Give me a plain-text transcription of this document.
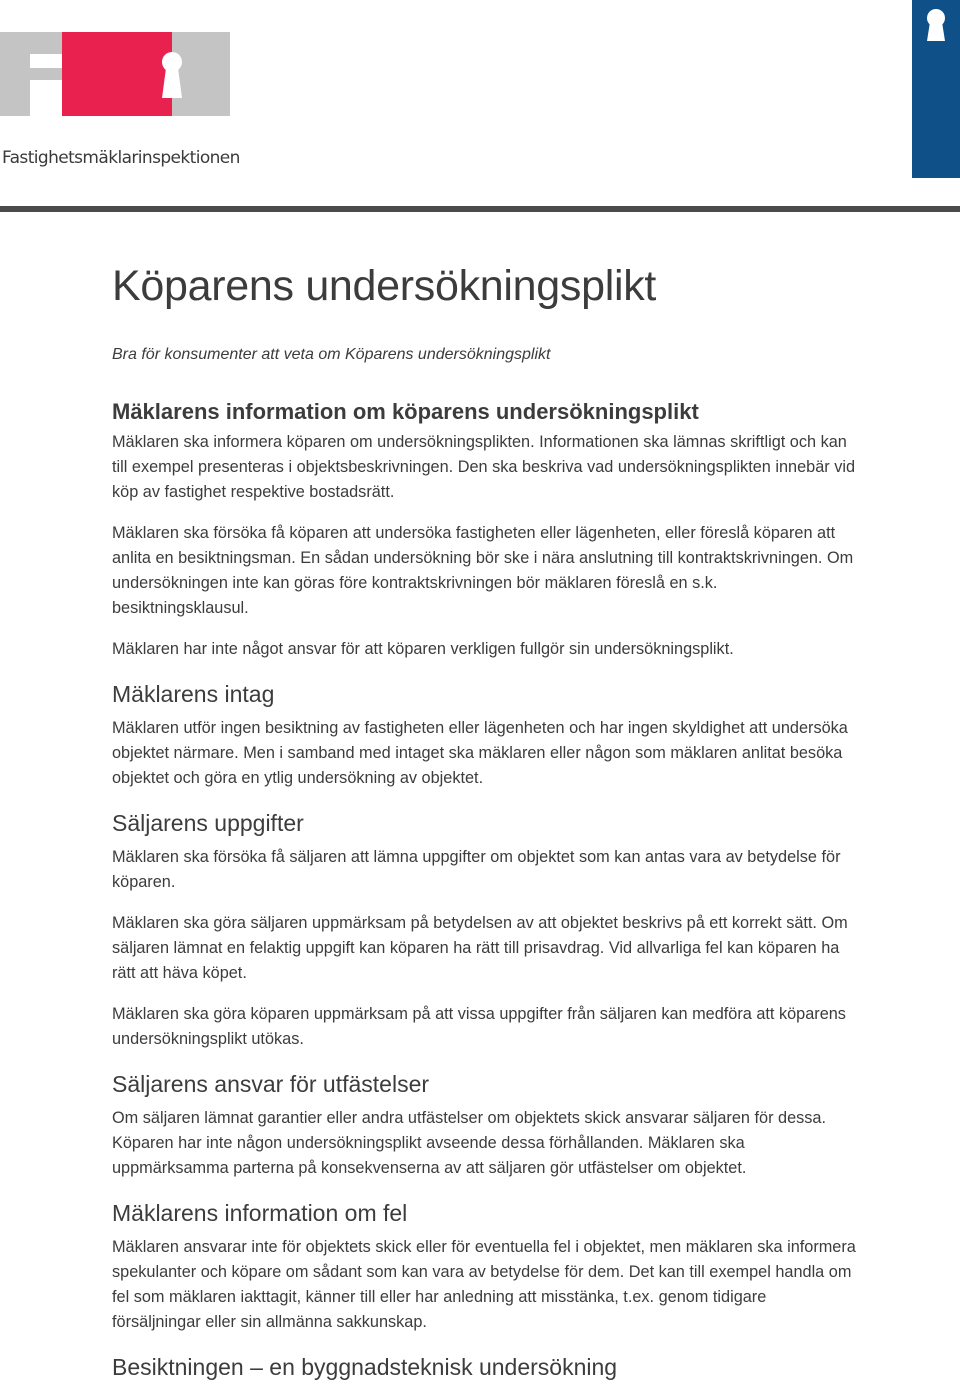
Fastighetsmäklarinspektionen
Köparens undersökningsplikt

Bra för konsumenter att veta om Köparens undersökningsplikt

Mäklarens information om köparens undersökningsplikt

Mäklaren ska informera köparen om undersökningsplikten. Informationen ska lämnas skriftligt och kan till exempel presenteras i objektsbeskrivningen. Den ska beskriva vad undersökningsplikten innebär vid köp av fastighet respektive bostadsrätt.

Mäklaren ska försöka få köparen att undersöka fastigheten eller lägenheten, eller föreslå köparen att anlita en besiktningsman. En sådan undersökning bör ske i nära anslutning till kontraktskrivningen. Om undersökningen inte kan göras före kontraktskrivningen bör mäklaren föreslå en s.k. besiktningsklausul.

Mäklaren har inte något ansvar för att köparen verkligen fullgör sin undersökningsplikt.

Mäklarens intag

Mäklaren utför ingen besiktning av fastigheten eller lägenheten och har ingen skyldighet att undersöka objektet närmare. Men i samband med intaget ska mäklaren eller någon som mäklaren anlitat besöka objektet och göra en ytlig undersökning av objektet.

Säljarens uppgifter

Mäklaren ska försöka få säljaren att lämna uppgifter om objektet som kan antas vara av betydelse för köparen.

Mäklaren ska göra säljaren uppmärksam på betydelsen av att objektet beskrivs på ett korrekt sätt. Om säljaren lämnat en felaktig uppgift kan köparen ha rätt till prisavdrag. Vid allvarliga fel kan köparen ha rätt att häva köpet.

Mäklaren ska göra köparen uppmärksam på att vissa uppgifter från säljaren kan medföra att köparens undersökningsplikt utökas.

Säljarens ansvar för utfästelser

Om säljaren lämnat garantier eller andra utfästelser om objektets skick ansvarar säljaren för dessa. Köparen har inte någon undersökningsplikt avseende dessa förhållanden. Mäklaren ska uppmärksamma parterna på konsekvenserna av att säljaren gör utfästelser om objektet.

Mäklarens information om fel

Mäklaren ansvarar inte för objektets skick eller för eventuella fel i objektet, men mäklaren ska informera spekulanter och köpare om sådant som kan vara av betydelse för dem. Det kan till exempel handla om fel som mäklaren iakttagit, känner till eller har anledning att misstänka, t.ex. genom tidigare försäljningar eller sin allmänna sakkunskap.

Besiktningen – en byggnadsteknisk undersökning
